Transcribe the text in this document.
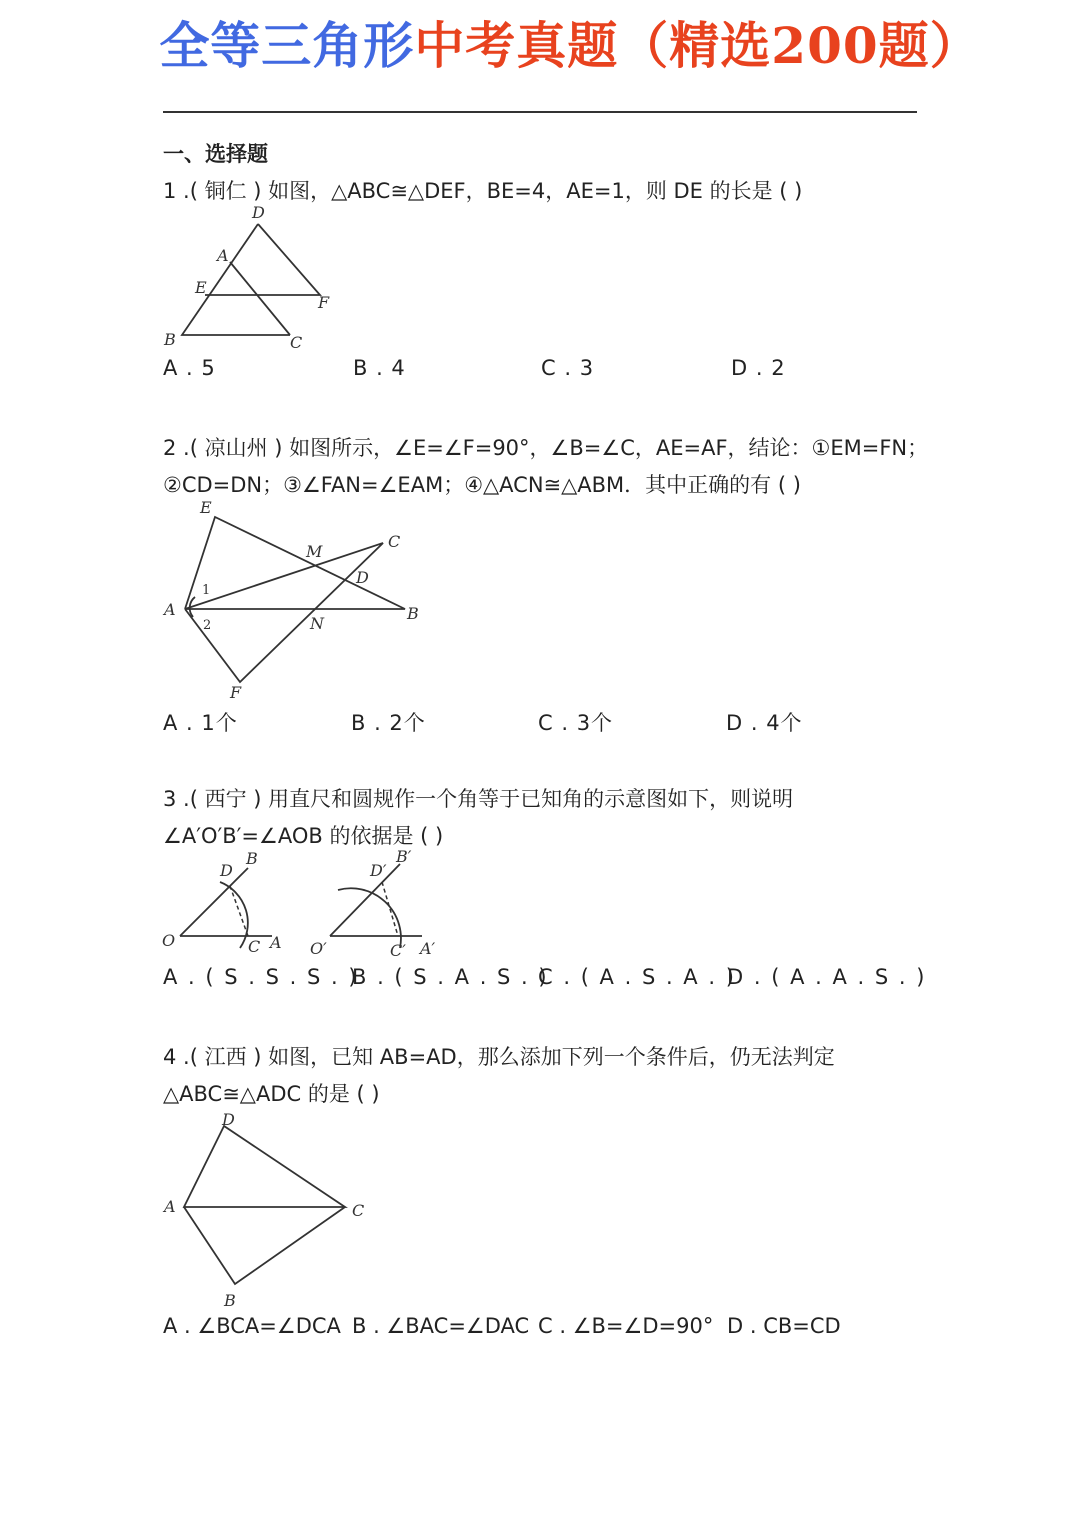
全等三角形中考真题（精选200题）
一、选择题
1 .( 铜仁 ) 如图，△ABC≅△DEF，BE=4，AE=1，则 DE 的长是 ( )
D
A
E
F
B	C
A . 5	B . 4	C . 3	D . 2
2 .( 凉山州 ) 如图所示，∠E=∠F=90°，∠B=∠C，AE=AF，结论：①EM=FN；
②CD=DN；③∠FAN=∠EAM；④△ACN≅△ABM．其中正确的有 ( )
E
M
C
D
1
A
2	N
B
F
A . 1个	B . 2个	C . 3个	D . 4个
3 .( 西宁 ) 用直尺和圆规作一个角等于已知角的示意图如下，则说明
∠A′O′B′=∠AOB 的依据是 ( )
D
B
O	C A
D′
B′
O′	C′ A′
A . ( S . S . S . )
B . ( S . A . S . )
C . ( A . S . A . )
D . ( A . A . S . )
4 .( 江西 ) 如图，已知 AB=AD，那么添加下列一个条件后，仍无法判定
△ABC≅△ADC 的是 ( )
D
A	C
B
A . ∠BCA=∠DCA B . ∠BAC=∠DAC C . ∠B=∠D=90° D . CB=CD
